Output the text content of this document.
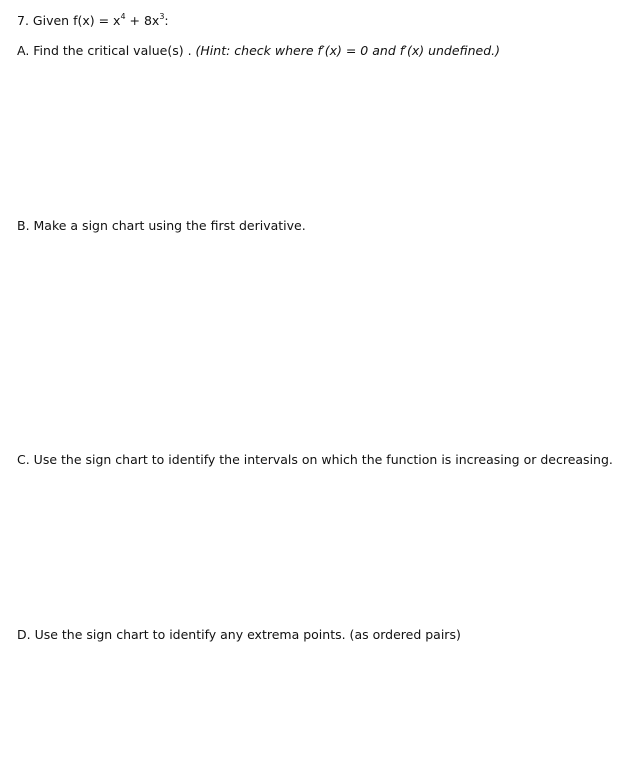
7. Given $f(x) = x^4 + 8x^3$:
A. Find the critical value(s) . (Hint: check where f′(x) = 0 and f′(x) undefined.)
B. Make a sign chart using the first derivative.
C. Use the sign chart to identify the intervals on which the function is increasing or decreasing.
D. Use the sign chart to identify any extrema points. (as ordered pairs)
